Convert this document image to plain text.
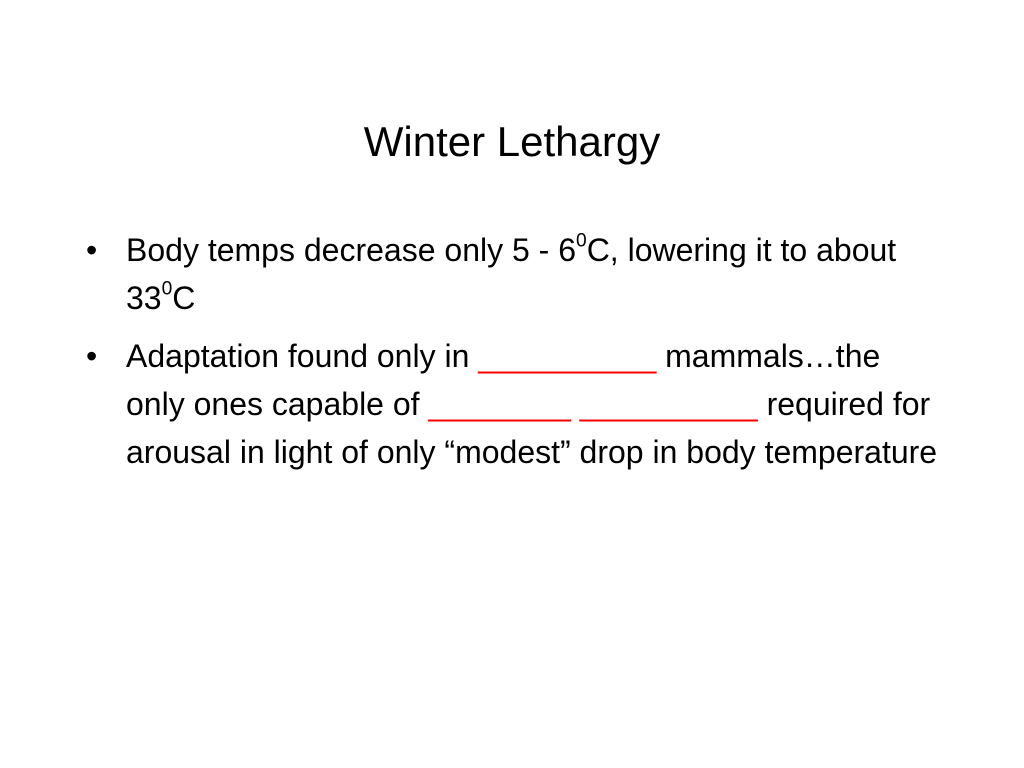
Winter Lethargy
• Body temps decrease only $5 - 6^0C$, lowering it to about $33^0C$
• Adaptation found only in __________ mammals…the only ones capable of ________ __________ required for arousal in light of only “modest” drop in body temperature
